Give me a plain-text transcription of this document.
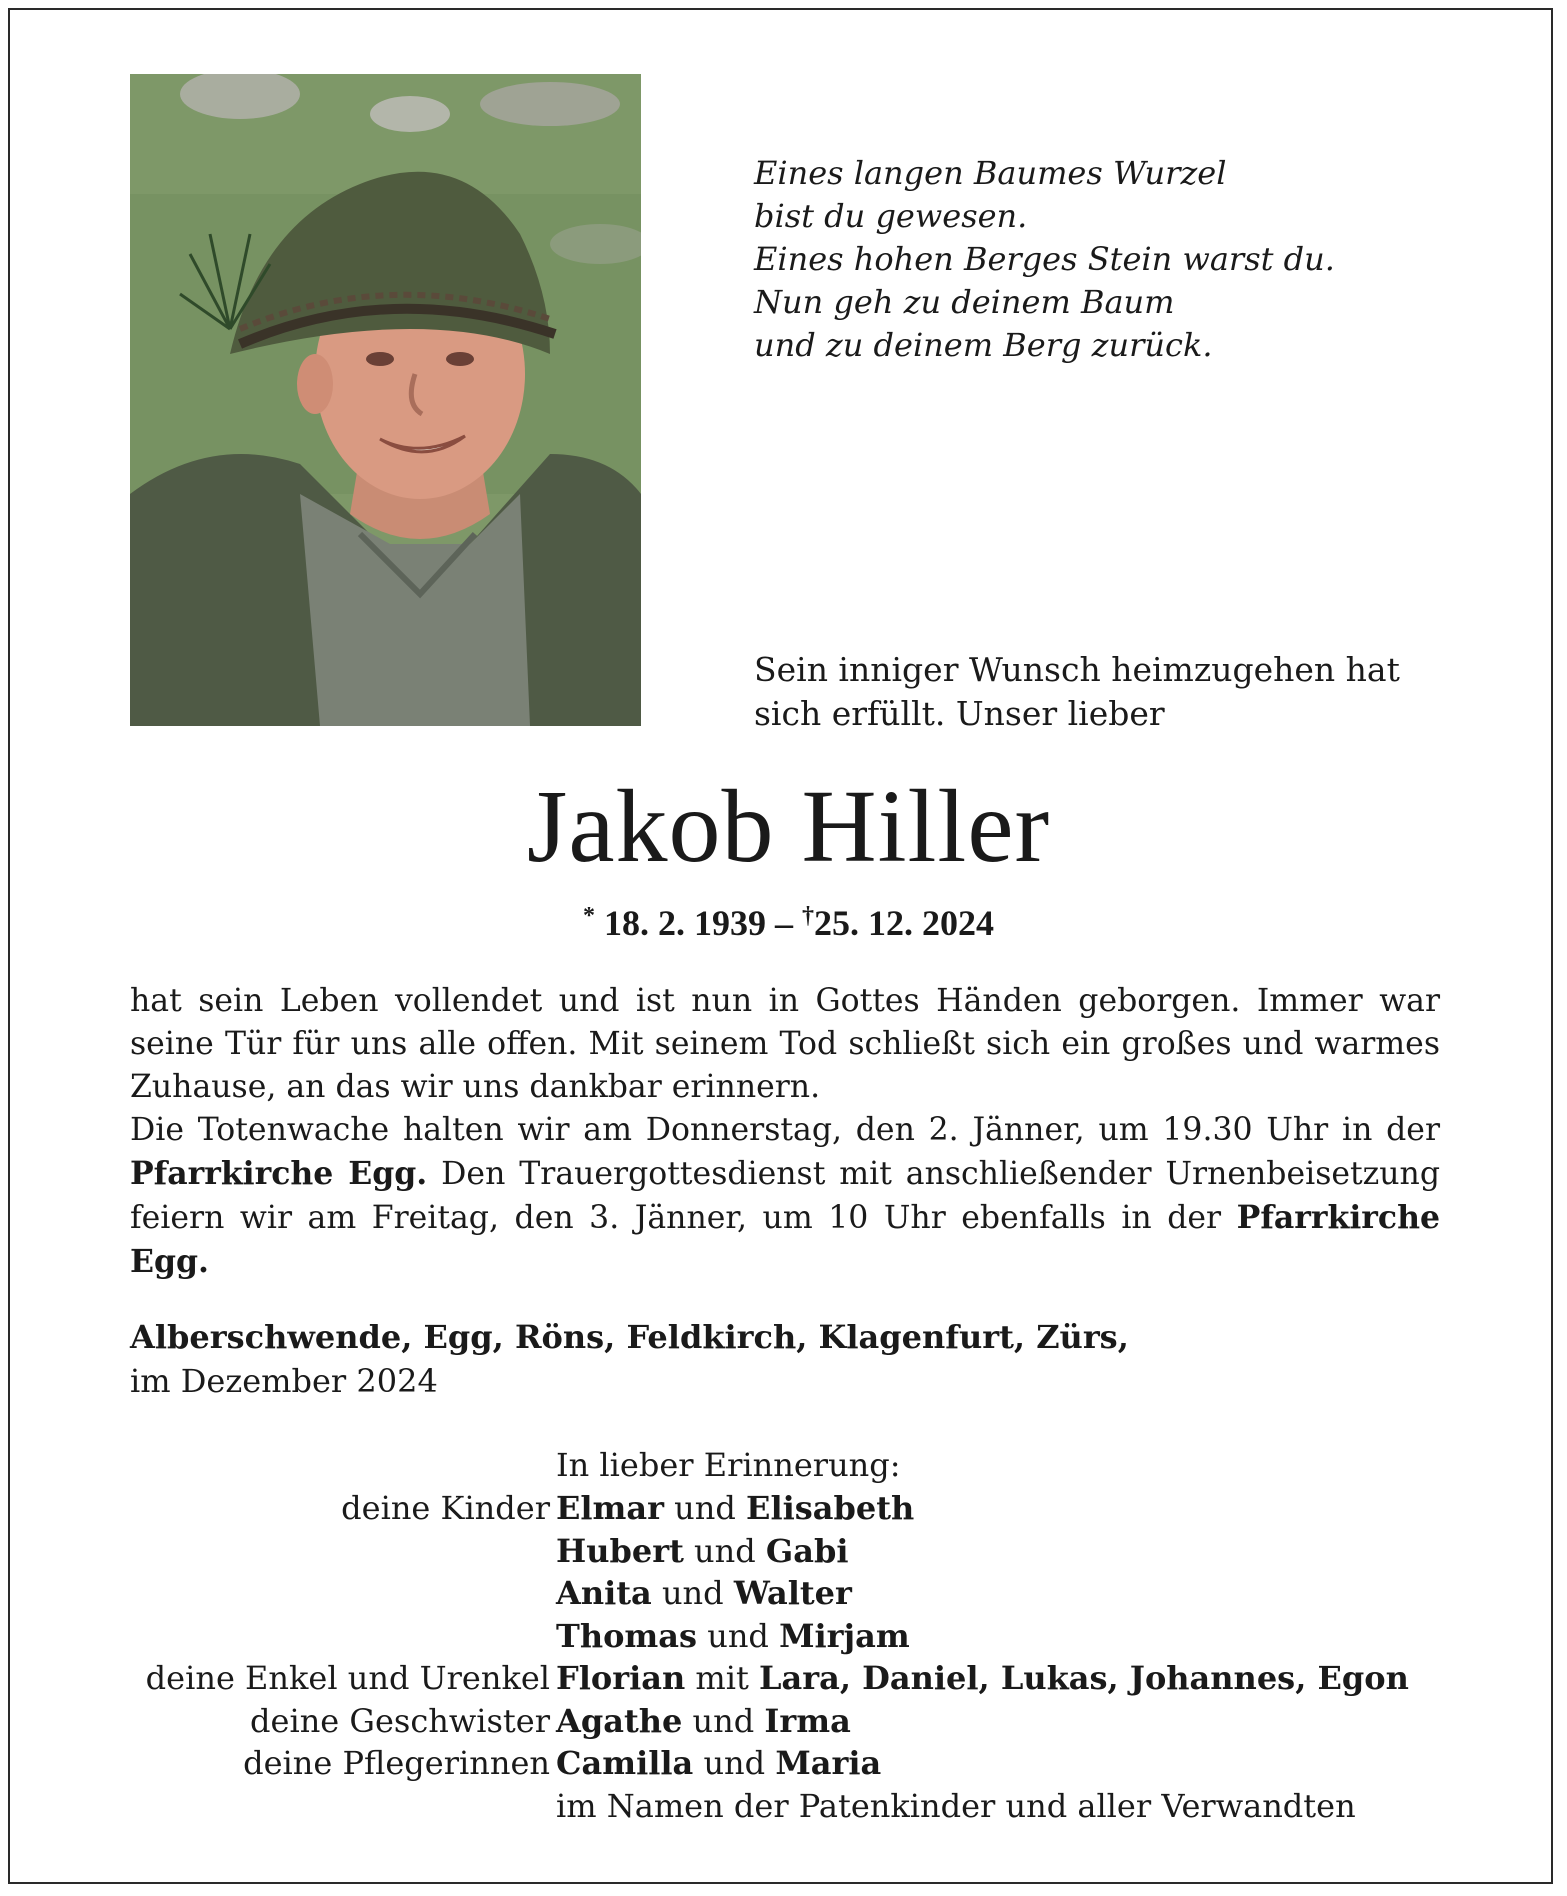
Eines langen Baumes Wurzel
bist du gewesen.
Eines hohen Berges Stein warst du.
Nun geh zu deinem Baum
und zu deinem Berg zurück.
Sein inniger Wunsch heimzugehen hat
sich erfüllt. Unser lieber
Jakob Hiller
* 18. 2. 1939 – †25. 12. 2024

hat sein Leben vollendet und ist nun in Gottes Händen geborgen. Immer war seine Tür für uns alle offen. Mit seinem Tod schließt sich ein großes und warmes Zuhause, an das wir uns dankbar erinnern.

Die Totenwache halten wir am Donnerstag, den 2. Jänner, um 19.30 Uhr in der Pfarrkirche Egg. Den Trauergottesdienst mit anschließender Urnenbeisetzung feiern wir am Freitag, den 3. Jänner, um 10 Uhr ebenfalls in der Pfarrkirche Egg.

Alberschwende, Egg, Röns, Feldkirch, Klagenfurt, Zürs,
im Dezember 2024
In lieber Erinnerung:
deine Kinder Elmar und Elisabeth
Hubert und Gabi
Anita und Walter
Thomas und Mirjam
deine Enkel und Urenkel Florian mit Lara, Daniel, Lukas, Johannes, Egon
deine Geschwister Agathe und Irma
deine Pflegerinnen Camilla und Maria
im Namen der Patenkinder und aller Verwandten
